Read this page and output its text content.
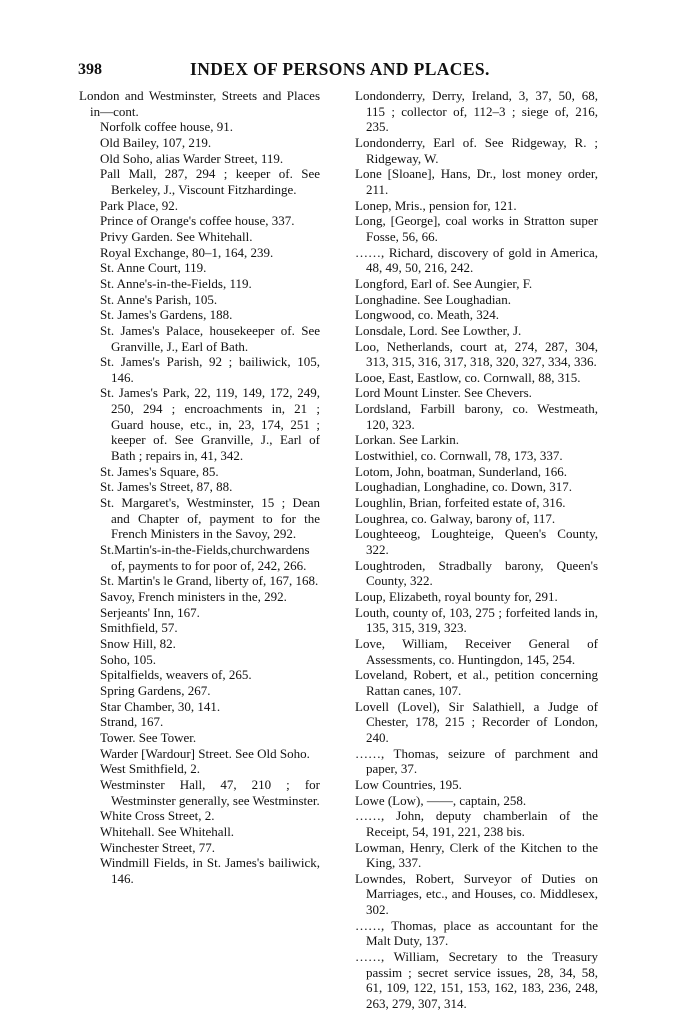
398	INDEX OF PERSONS AND PLACES.

London and Westminster, Streets and Places in—cont.

Norfolk coffee house, 91.

Old Bailey, 107, 219.

Old Soho, alias Warder Street, 119.

Pall Mall, 287, 294 ; keeper of. See Berkeley, J., Viscount Fitzhardinge.

Park Place, 92.

Prince of Orange's coffee house, 337.

Privy Garden. See Whitehall.

Royal Exchange, 80–1, 164, 239.

St. Anne Court, 119.

St. Anne's-in-the-Fields, 119.

St. Anne's Parish, 105.

St. James's Gardens, 188.

St. James's Palace, housekeeper of. See Granville, J., Earl of Bath.

St. James's Parish, 92 ; bailiwick, 105, 146.

St. James's Park, 22, 119, 149, 172, 249, 250, 294 ; encroachments in, 21 ; Guard house, etc., in, 23, 174, 251 ; keeper of. See Granville, J., Earl of Bath ; repairs in, 41, 342.

St. James's Square, 85.

St. James's Street, 87, 88.

St. Margaret's, Westminster, 15 ; Dean and Chapter of, payment to for the French Ministers in the Savoy, 292.

St.Martin's-in-the-Fields,churchwardens of, payments to for poor of, 242, 266.

St. Martin's le Grand, liberty of, 167, 168.

Savoy, French ministers in the, 292.

Serjeants' Inn, 167.

Smithfield, 57.

Snow Hill, 82.

Soho, 105.

Spitalfields, weavers of, 265.

Spring Gardens, 267.

Star Chamber, 30, 141.

Strand, 167.

Tower. See Tower.

Warder [Wardour] Street. See Old Soho.

West Smithfield, 2.

Westminster Hall, 47, 210 ; for Westminster generally, see Westminster.

White Cross Street, 2.

Whitehall. See Whitehall.

Winchester Street, 77.

Windmill Fields, in St. James's bailiwick, 146.

Londonderry, Derry, Ireland, 3, 37, 50, 68, 115 ; collector of, 112–3 ; siege of, 216, 235.

Londonderry, Earl of. See Ridgeway, R. ; Ridgeway, W.

Lone [Sloane], Hans, Dr., lost money order, 211.

Lonep, Mris., pension for, 121.

Long, [George], coal works in Stratton super Fosse, 56, 66.

……, Richard, discovery of gold in America, 48, 49, 50, 216, 242.

Longford, Earl of. See Aungier, F.

Longhadine. See Loughadian.

Longwood, co. Meath, 324.

Lonsdale, Lord. See Lowther, J.

Loo, Netherlands, court at, 274, 287, 304, 313, 315, 316, 317, 318, 320, 327, 334, 336.

Looe, East, Eastlow, co. Cornwall, 88, 315.

Lord Mount Linster. See Chevers.

Lordsland, Farbill barony, co. Westmeath, 120, 323.

Lorkan. See Larkin.

Lostwithiel, co. Cornwall, 78, 173, 337.

Lotom, John, boatman, Sunderland, 166.

Loughadian, Longhadine, co. Down, 317.

Loughlin, Brian, forfeited estate of, 316.

Loughrea, co. Galway, barony of, 117.

Loughteeog, Loughteige, Queen's County, 322.

Loughtroden, Stradbally barony, Queen's County, 322.

Loup, Elizabeth, royal bounty for, 291.

Louth, county of, 103, 275 ; forfeited lands in, 135, 315, 319, 323.

Love, William, Receiver General of Assessments, co. Huntingdon, 145, 254.

Loveland, Robert, et al., petition concerning Rattan canes, 107.

Lovell (Lovel), Sir Salathiell, a Judge of Chester, 178, 215 ; Recorder of London, 240.

……, Thomas, seizure of parchment and paper, 37.

Low Countries, 195.

Lowe (Low), ——, captain, 258.

……, John, deputy chamberlain of the Receipt, 54, 191, 221, 238 bis.

Lowman, Henry, Clerk of the Kitchen to the King, 337.

Lowndes, Robert, Surveyor of Duties on Marriages, etc., and Houses, co. Middlesex, 302.

……, Thomas, place as accountant for the Malt Duty, 137.

……, William, Secretary to the Treasury passim ; secret service issues, 28, 34, 58, 61, 109, 122, 151, 153, 162, 183, 236, 248, 263, 279, 307, 314.
